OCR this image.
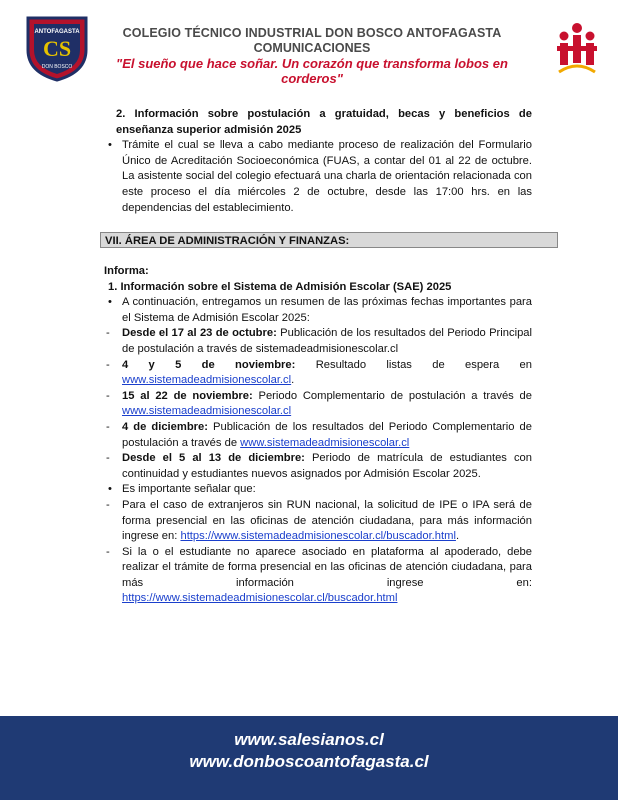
ANTOFAGASTA
CS
DON BOSCO
COLEGIO TÉCNICO INDUSTRIAL DON BOSCO ANTOFAGASTA
COMUNICACIONES
"El sueño que hace soñar. Un corazón que transforma lobos en corderos"

2. Información sobre postulación a gratuidad, becas y beneficios de enseñanza superior admisión 2025

• Trámite el cual se lleva a cabo mediante proceso de realización del Formulario Único de Acreditación Socioeconómica (FUAS, a contar del 01 al 22 de octubre. La asistente social del colegio efectuará una charla de orientación relacionada con este proceso el día miércoles 2 de octubre, desde las 17:00 hrs. en las dependencias del establecimiento.
VII. ÁREA DE ADMINISTRACIÓN Y FINANZAS:

Informa:

1. Información sobre el Sistema de Admisión Escolar (SAE) 2025

• A continuación, entregamos un resumen de las próximas fechas importantes para el Sistema de Admisión Escolar 2025:
- Desde el 17 al 23 de octubre: Publicación de los resultados del Periodo Principal de postulación a través de sistemadeadmisionescolar.cl
- 4 y 5 de noviembre: Resultado listas de espera en www.sistemadeadmisionescolar.cl.
- 15 al 22 de noviembre: Periodo Complementario de postulación a través de www.sistemadeadmisionescolar.cl
- 4 de diciembre: Publicación de los resultados del Periodo Complementario de postulación a través de www.sistemadeadmisionescolar.cl
- Desde el 5 al 13 de diciembre: Periodo de matrícula de estudiantes con continuidad y estudiantes nuevos asignados por Admisión Escolar 2025.
• Es importante señalar que:
- Para el caso de extranjeros sin RUN nacional, la solicitud de IPE o IPA será de forma presencial en las oficinas de atención ciudadana, para más información ingrese en: https://www.sistemadeadmisionescolar.cl/buscador.html.
- Si la o el estudiante no aparece asociado en plataforma al apoderado, debe realizar el trámite de forma presencial en las oficinas de atención ciudadana, para más información ingrese en: https://www.sistemadeadmisionescolar.cl/buscador.html
www.salesianos.cl
www.donboscoantofagasta.cl
